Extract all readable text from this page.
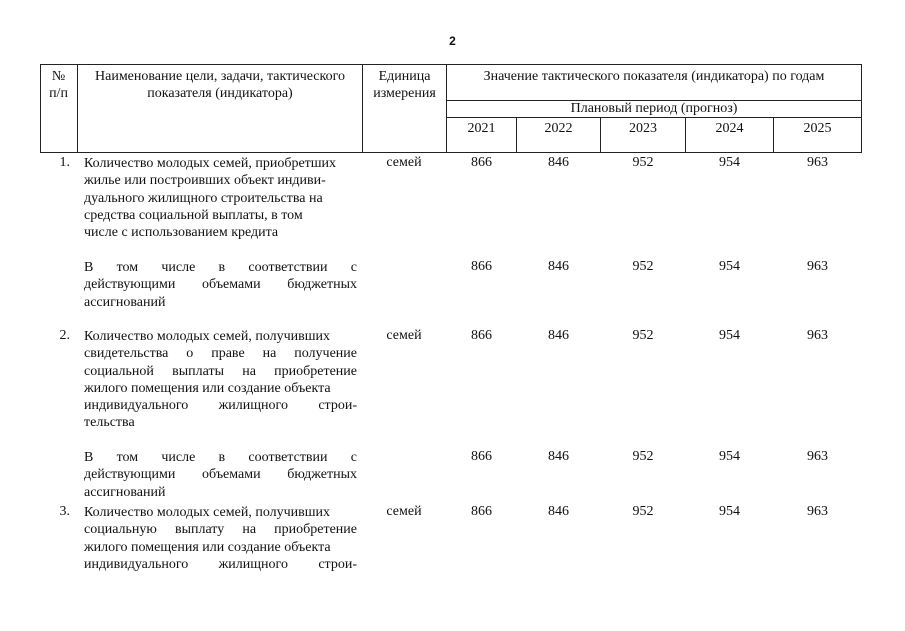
2
№
п/п
Наименование цели, задачи, тактического
показателя (индикатора)
Единица
измерения
Значение тактического показателя (индикатора) по годам
Плановый период (прогноз)
2021	2022	2023	2024	2025
1. Количество молодых семей, приобретших
жилье или построивших объект индиви-
дуального жилищного строительства на
средства социальной выплаты, в том
числе с использованием кредита
семей	866	846	952	954	963
В том числе в соответствии с
действующими объемами бюджетных
ассигнований
866	846	952	954	963
2. Количество молодых семей, получивших
свидетельства о праве на получение
социальной выплаты на приобретение
жилого помещения или создание объекта
индивидуального жилищного строи-
тельства
семей	866	846	952	954	963
В том числе в соответствии с
действующими объемами бюджетных
ассигнований
866	846	952	954	963
3. Количество молодых семей, получивших
социальную выплату на приобретение
жилого помещения или создание объекта
индивидуального жилищного строи-
семей	866	846	952	954	963
